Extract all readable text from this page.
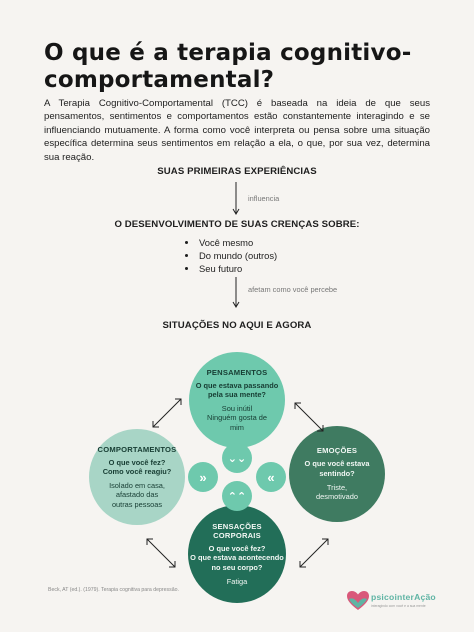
O que é a terapia cognitivo-comportamental?
A Terapia Cognitivo-Comportamental (TCC) é baseada na ideia de que seus pensamentos, sentimentos e comportamentos estão constantemente interagindo e se influenciando mutuamente. A forma como você interpreta ou pensa sobre uma situação específica determina seus sentimentos em relação a ela, o que, por sua vez, determina sua reação.
SUAS PRIMEIRAS EXPERIÊNCIAS
influencia
O DESENVOLVIMENTO DE SUAS CRENÇAS SOBRE:
• Você mesmo
• Do mundo (outros)
• Seu futuro
afetam como você percebe
SITUAÇÕES NO AQUI E AGORA
PENSAMENTOS
O que estava passando
pela sua mente?
Sou inútil
Ninguém gosta de
mim
COMPORTAMENTOS
O que você fez?
Como você reagiu?
Isolado em casa,
afastado das
outras pessoas
EMOÇÕES
O que você estava
sentindo?
Triste,
desmotivado
SENSAÇÕES
CORPORAIS
O que você fez?
O que estava acontecendo
no seu corpo?
Fatiga
⌄⌄
»	«
⌃⌃
Beck, AT (ed.). (1979). Terapia cognitiva para depressão.
psicointerAção
interagindo com você e a sua mente
